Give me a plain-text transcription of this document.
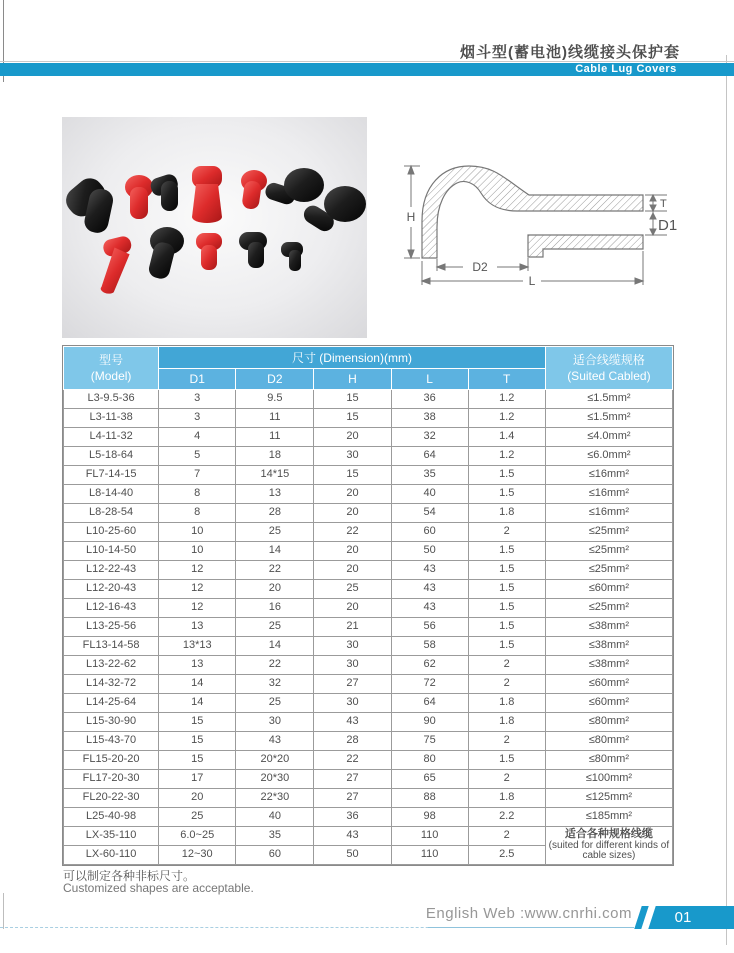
烟斗型(蓄电池)线缆接头保护套
Cable Lug Covers
H
D2
L
T
D1
型号
(Model)
	尺寸 (Dimension)(mm)	适合线缆规格
(Suited Cabled)

	D1	D2	H	L	T	
L3-9.5-36	3	9.5	15	36	1.2	≤1.5mm²
L3-11-38	3	11	15	38	1.2	≤1.5mm²
L4-11-32	4	11	20	32	1.4	≤4.0mm²
L5-18-64	5	18	30	64	1.2	≤6.0mm²
FL7-14-15	7	14*15	15	35	1.5	≤16mm²
L8-14-40	8	13	20	40	1.5	≤16mm²
L8-28-54	8	28	20	54	1.8	≤16mm²
L10-25-60	10	25	22	60	2	≤25mm²
L10-14-50	10	14	20	50	1.5	≤25mm²
L12-22-43	12	22	20	43	1.5	≤25mm²
L12-20-43	12	20	25	43	1.5	≤60mm²
L12-16-43	12	16	20	43	1.5	≤25mm²
L13-25-56	13	25	21	56	1.5	≤38mm²
FL13-14-58	13*13	14	30	58	1.5	≤38mm²
L13-22-62	13	22	30	62	2	≤38mm²
L14-32-72	14	32	27	72	2	≤60mm²
L14-25-64	14	25	30	64	1.8	≤60mm²
L15-30-90	15	30	43	90	1.8	≤80mm²
L15-43-70	15	43	28	75	2	≤80mm²
FL15-20-20	15	20*20	22	80	1.5	≤80mm²
FL17-20-30	17	20*30	27	65	2	≤100mm²
FL20-22-30	20	22*30	27	88	1.8	≤125mm²
L25-40-98	25	40	36	98	2.2	≤185mm²
LX-35-110	6.0~25	35	43	110	2	适合各种规格线缆
(suited for different kinds of cable sizes)

LX-60-110	12~30	60	50	110	2.5	
可以制定各种非标尺寸。
Customized shapes are acceptable.
English Web :www.cnrhi.com	01
